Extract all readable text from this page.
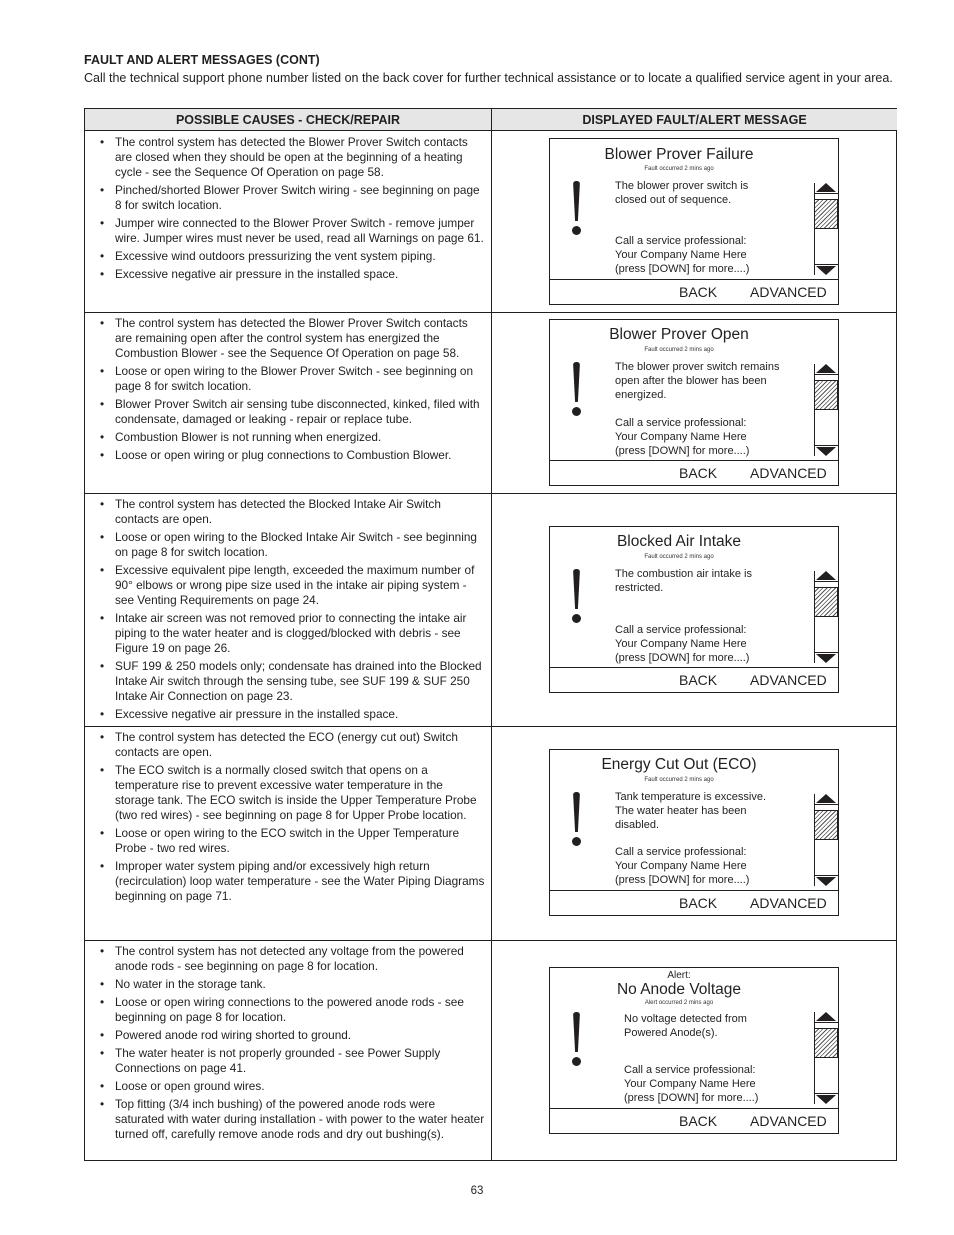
FAULT AND ALERT MESSAGES (CONT)
Call the technical support phone number listed on the back cover for further technical assistance or to locate a qualified service agent in your area.
POSSIBLE CAUSES - CHECK/REPAIR	DISPLAYED FAULT/ALERT MESSAGE
• The control system has detected the Blower Prover Switch contacts are closed when they should be open at the beginning of a heating cycle - see the Sequence Of Operation on page 58.
• Pinched/shorted Blower Prover Switch wiring - see beginning on page 8 for switch location.
• Jumper wire connected to the Blower Prover Switch - remove jumper wire. Jumper wires must never be used, read all Warnings on page 61.
• Excessive wind outdoors pressurizing the vent system piping.
• Excessive negative air pressure in the installed space.
Blower Prover Failure
Fault occurred 2 mins ago
The blower prover switch is
closed out of sequence.
Call a service professional:
Your Company Name Here
(press [DOWN] for more....)
BACK ADVANCED
• The control system has detected the Blower Prover Switch contacts are remaining open after the control system has energized the Combustion Blower - see the Sequence Of Operation on page 58.
• Loose or open wiring to the Blower Prover Switch - see beginning on page 8 for switch location.
• Blower Prover Switch air sensing tube disconnected, kinked, filed with condensate, damaged or leaking - repair or replace tube.
• Combustion Blower is not running when energized.
• Loose or open wiring or plug connections to Combustion Blower.
Blower Prover Open
Fault occurred 2 mins ago
The blower prover switch remains
open after the blower has been
energized.
Call a service professional:
Your Company Name Here
(press [DOWN] for more....)
BACK ADVANCED
• The control system has detected the Blocked Intake Air Switch contacts are open.
• Loose or open wiring to the Blocked Intake Air Switch - see beginning on page 8 for switch location.
• Excessive equivalent pipe length, exceeded the maximum number of 90° elbows or wrong pipe size used in the intake air piping system - see Venting Requirements on page 24.
• Intake air screen was not removed prior to connecting the intake air piping to the water heater and is clogged/blocked with debris - see Figure 19 on page 26.
• SUF 199 & 250 models only; condensate has drained into the Blocked Intake Air switch through the sensing tube, see SUF 199 & SUF 250 Intake Air Connection on page 23.
• Excessive negative air pressure in the installed space.
Blocked Air Intake
Fault occurred 2 mins ago
The combustion air intake is
restricted.
Call a service professional:
Your Company Name Here
(press [DOWN] for more....)
BACK ADVANCED
• The control system has detected the ECO (energy cut out) Switch contacts are open.
• The ECO switch is a normally closed switch that opens on a temperature rise to prevent excessive water temperature in the storage tank. The ECO switch is inside the Upper Temperature Probe (two red wires) - see beginning on page 8 for Upper Probe location.
• Loose or open wiring to the ECO switch in the Upper Temperature Probe - two red wires.
• Improper water system piping and/or excessively high return (recirculation) loop water temperature - see the Water Piping Diagrams beginning on page 71.
Energy Cut Out (ECO)
Fault occurred 2 mins ago
Tank temperature is excessive.
The water heater has been
disabled.
Call a service professional:
Your Company Name Here
(press [DOWN] for more....)
BACK ADVANCED
• The control system has not detected any voltage from the powered anode rods - see beginning on page 8 for location.
• No water in the storage tank.
• Loose or open wiring connections to the powered anode rods - see beginning on page 8 for location.
• Powered anode rod wiring shorted to ground.
• The water heater is not properly grounded - see Power Supply Connections on page 41.
• Loose or open ground wires.
• Top fitting (3/4 inch bushing) of the powered anode rods were saturated with water during installation - with power to the water heater turned off, carefully remove anode rods and dry out bushing(s).
Alert:
No Anode Voltage
Alert occurred 2 mins ago
No voltage detected from
Powered Anode(s).
Call a service professional:
Your Company Name Here
(press [DOWN] for more....)
BACK ADVANCED
63
